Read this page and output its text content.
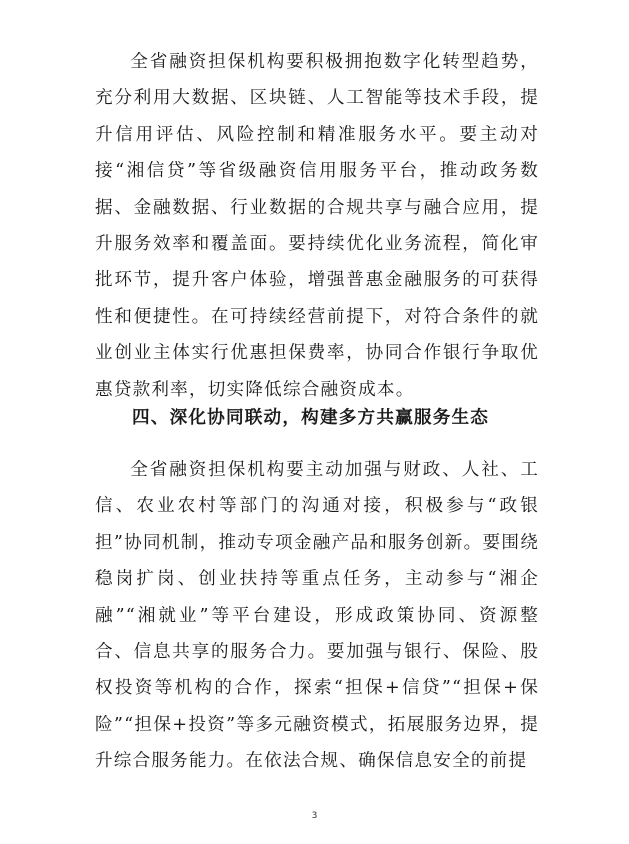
全省融资担保机构要积极拥抱数字化转型趋势，充分利用大数据、区块链、人工智能等技术手段，提升信用评估、风险控制和精准服务水平。要主动对接“湘信贷”等省级融资信用服务平台，推动政务数据、金融数据、行业数据的合规共享与融合应用，提升服务效率和覆盖面。要持续优化业务流程，简化审批环节，提升客户体验，增强普惠金融服务的可获得性和便捷性。在可持续经营前提下，对符合条件的就业创业主体实行优惠担保费率，协同合作银行争取优惠贷款利率，切实降低综合融资成本。

四、深化协同联动，构建多方共赢服务生态

全省融资担保机构要主动加强与财政、人社、工信、农业农村等部门的沟通对接，积极参与“政银担”协同机制，推动专项金融产品和服务创新。要围绕稳岗扩岗、创业扶持等重点任务，主动参与“湘企融”“湘就业”等平台建设，形成政策协同、资源整合、信息共享的服务合力。要加强与银行、保险、股权投资等机构的合作，探索“担保+信贷”“担保+保险”“担保+投资”等多元融资模式，拓展服务边界，提升综合服务能力。在依法合规、确保信息安全的前提

3
